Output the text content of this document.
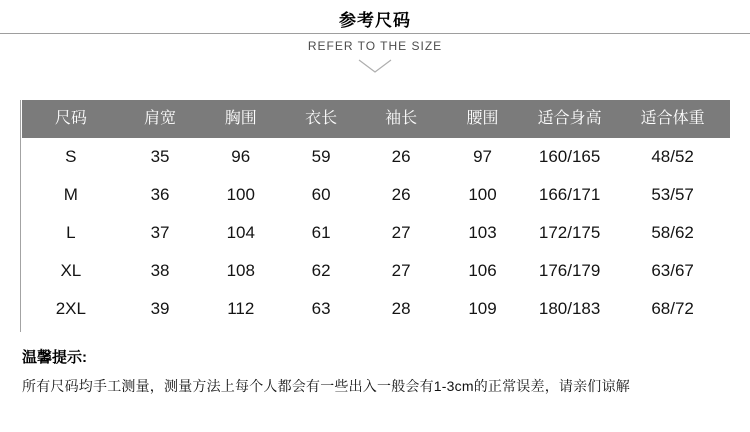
参考尺码
REFER TO THE SIZE
尺码	肩宽	胸围	衣长	袖长	腰围	适合身高	适合体重
S	35	96	59	26	97	160/165	48/52
M	36	100	60	26	100	166/171	53/57
L	37	104	61	27	103	172/175	58/62
XL	38	108	62	27	106	176/179	63/67
2XL	39	112	63	28	109	180/183	68/72
温馨提示:
所有尺码均手工测量，测量方法上每个人都会有一些出入一般会有1-3cm的正常误差，请亲们谅解
